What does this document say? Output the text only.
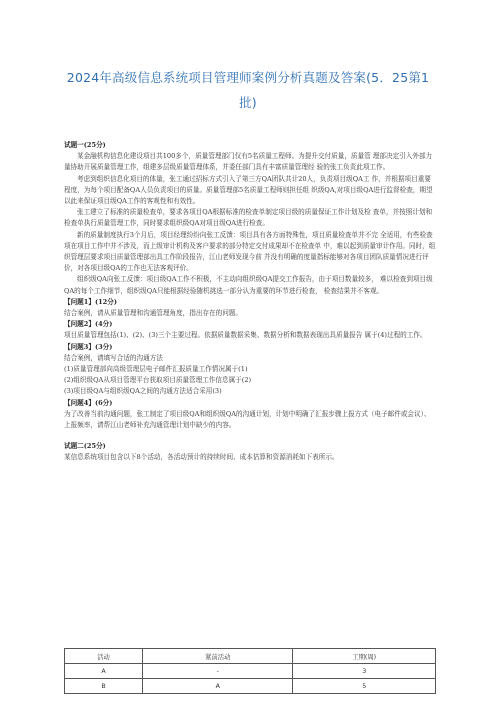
2024年高级信息系统项目管理师案例分析真题及答案(5．25第1批)

试题一(25分)

某金融机构信息化建设项目共100多个，质量管理部门仅有5名质量工程师。为提升交付质量，质量管 理部决定引入外部力量协助开展质量管理工作，组建多层级质量管理体系，并委任部门具有丰富质量管理经 验的张工负责此项工作。

考虑到组织信息化项目的体量，张工通过招标方式引入了第三方QA团队共计20人，负责项目级QA工 作，并根据项目重要程度，为每个项目配备QA人员负责项目的质量。质量管理部5名质量工程师则担任组 织级QA,对项目级QA进行监督检查，期望以此来保证项目级QA工作的客观性和有效性。

张工建立了标准的质量检查单，要求各项目QA根据标准的检查单制定项目级的质量保证工作计划及检 查单，并按照计划和检查单执行质量管理工作，同时要求组织级QA对项目级QA进行检查。

新的质量制度执行3个月后，项目经理纷纷向张工反馈：项目具有各方面特殊性，项目质量检查单并不完 全适用，有些检查项在项目工作中并不涉及，而上级审计机构及客户要求的部分特定交付成果却不在检查单 中，难以起到质量审计作用。同时，组织管理层要求项目质量管理部出具工作阶段报告，江山老师发现今前 并没有明确的度量指标能够对各项目团队质量情况进行评价，对各项目级QA的工作也无法客观评价。

组织级QA向张工反馈：项目级QA工作不积极，不主动向组织级QA提交工作报告，由于项目数量较多， 难以检查到项目级QA的每个工作细节，组织级QA只能根据经验随机挑选一部分认为重要的环节进行检查， 检查结果并不客观。

【问题1】(12分)

结合案例，请从质量管理和沟通管理角度，指出存在的问题。

【问题2】(4分)

项目质量管理包括(1)、(2)、(3)三个主要过程。依据质量数据采集、数据分析和数据表现出具质量报告 属于(4)过程的工作。

【问题3】(3分)

结合案例，请填写合适的沟通方法

(1)质量管理部向高级管理层电子邮件汇报质量工作情况属于(1)

(2)组织级QA从项目管理平台获取项目质量管理工作信息属于(2)

(3)项目级QA与组织级QA之间的沟通方法适合采用(3)

【问题4】(6分)

为了改善当前沟通问题，张工制定了项目级QA和组织级QA的沟通计划，计划中明确了汇报步骤上报方式（电子邮件或会议）、上报频率，请帮江山老师补充沟通管理计划中缺少的内容。

试题二(25分)

某信息系统项目包含以下8个活动，各活动预计的持续时间、成本估算和资源消耗如下表所示。

活动	紧前活动	工期(周)
A	-	3
B	A	5
